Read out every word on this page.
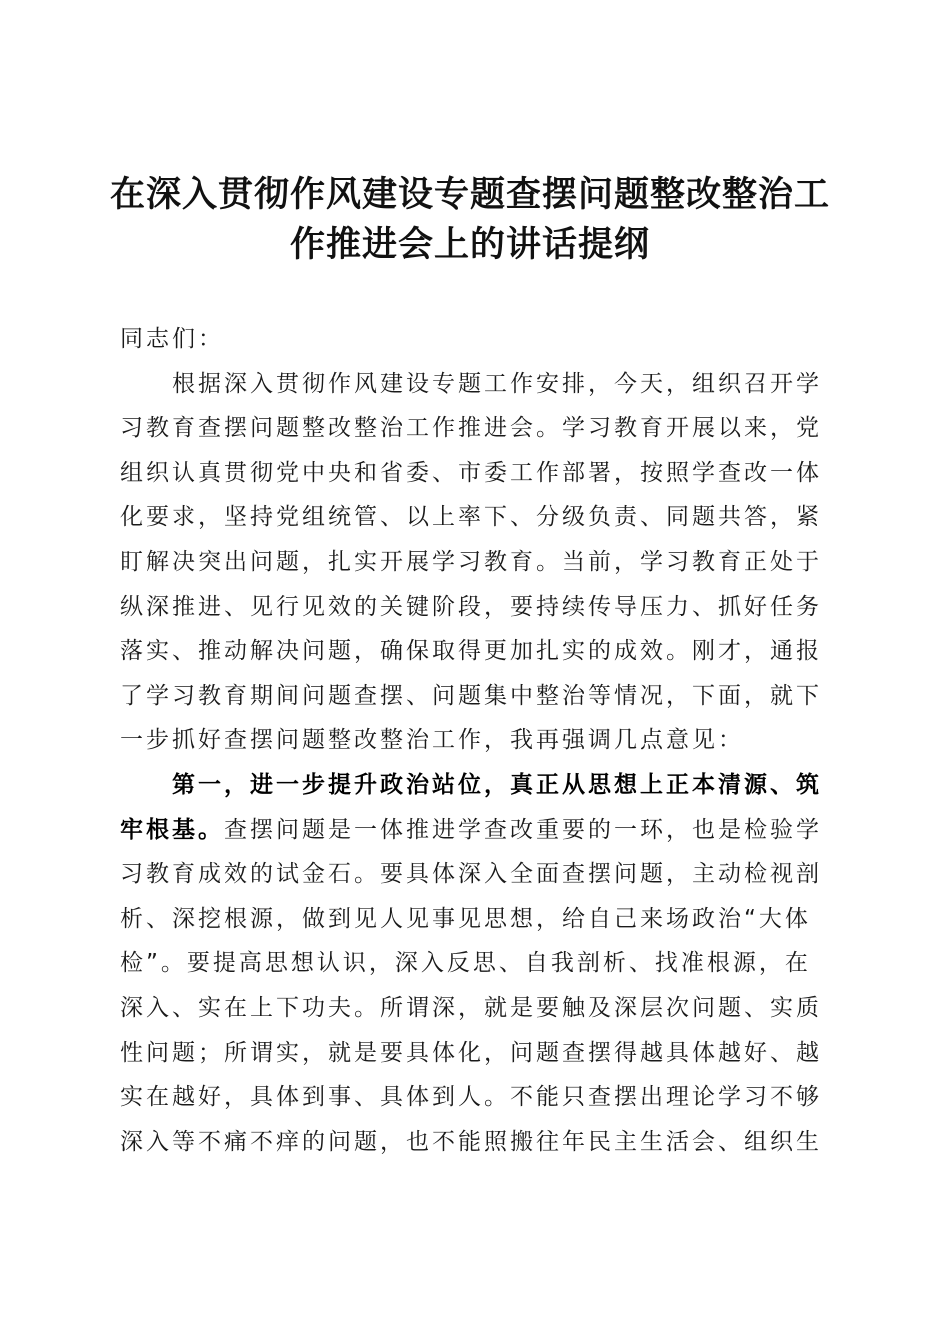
在深入贯彻作风建设专题查摆问题整改整治工
作推进会上的讲话提纲
同志们：
根据深入贯彻作风建设专题工作安排，今天，组织召开学
习教育查摆问题整改整治工作推进会。学习教育开展以来，党
组织认真贯彻党中央和省委、市委工作部署，按照学查改一体
化要求，坚持党组统管、以上率下、分级负责、同题共答，紧
盯解决突出问题，扎实开展学习教育。当前，学习教育正处于
纵深推进、见行见效的关键阶段，要持续传导压力、抓好任务
落实、推动解决问题，确保取得更加扎实的成效。刚才，通报
了学习教育期间问题查摆、问题集中整治等情况，下面，就下
一步抓好查摆问题整改整治工作，我再强调几点意见：
第一，进一步提升政治站位，真正从思想上正本清源、筑
牢根基。查摆问题是一体推进学查改重要的一环，也是检验学
习教育成效的试金石。要具体深入全面查摆问题，主动检视剖
析、深挖根源，做到见人见事见思想，给自己来场政治“大体
检”。要提高思想认识，深入反思、自我剖析、找准根源，在
深入、实在上下功夫。所谓深，就是要触及深层次问题、实质
性问题；所谓实，就是要具体化，问题查摆得越具体越好、越
实在越好，具体到事、具体到人。不能只查摆出理论学习不够
深入等不痛不痒的问题，也不能照搬往年民主生活会、组织生
